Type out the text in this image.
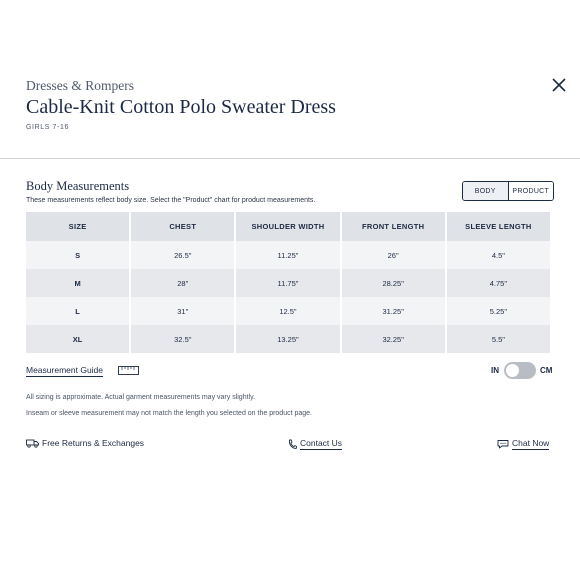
Dresses & Rompers
Cable-Knit Cotton Polo Sweater Dress
GIRLS 7-16
Body Measurements
These measurements reflect body size. Select the "Product" chart for product measurements.
BODY	PRODUCT
SIZE	CHEST	SHOULDER WIDTH	FRONT LENGTH	SLEEVE LENGTH
S	26.5"	11.25"	26"	4.5"
M	28"	11.75"	28.25"	4.75"
L	31"	12.5"	31.25"	5.25"
XL	32.5"	13.25"	32.25"	5.5"
Measurement Guide	IN	CM
All sizing is approximate. Actual garment measurements may vary slightly.
Inseam or sleeve measurement may not match the length you selected on the product page.
Free Returns & Exchanges	Contact Us	Chat Now
